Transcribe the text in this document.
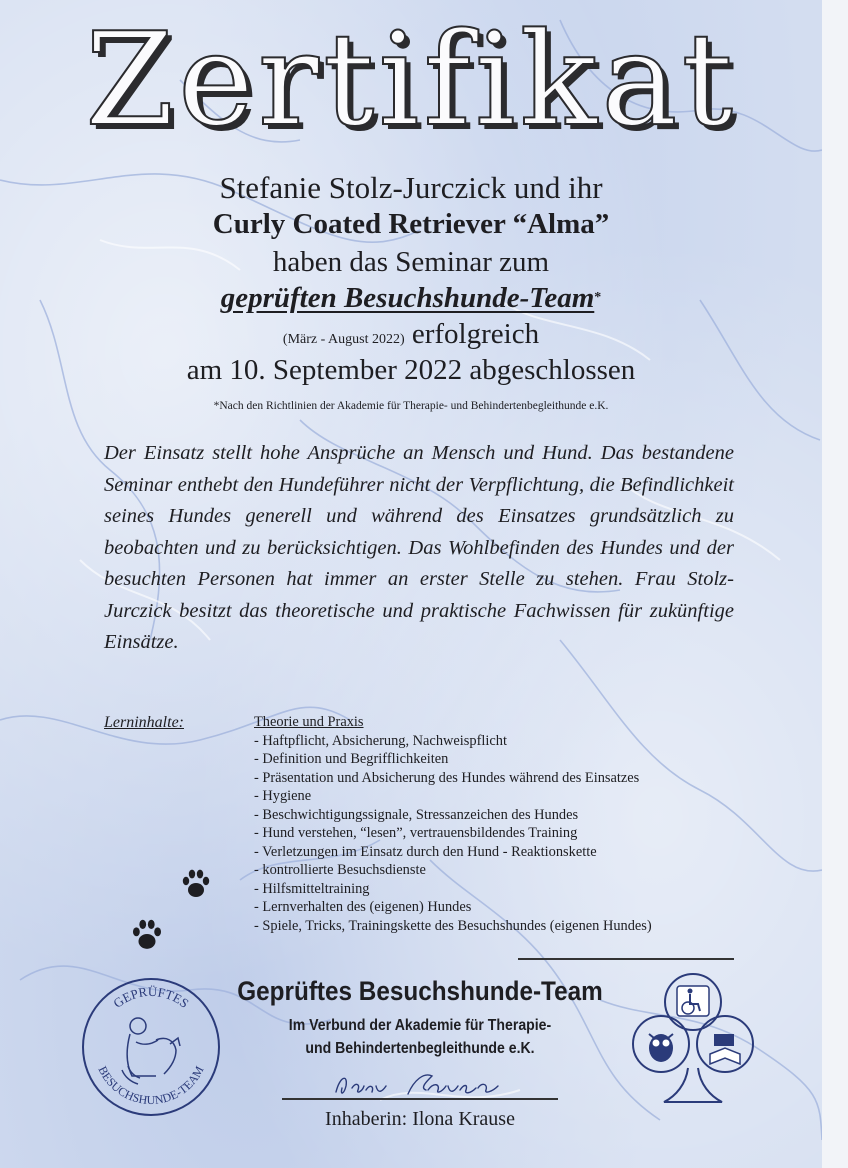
Zertifikat
Stefanie Stolz-Jurczick und ihr
Curly Coated Retriever “Alma”
haben das Seminar zum
geprüften Besuchshunde-Team*
(März - August 2022) erfolgreich
am 10. September 2022 abgeschlossen
*Nach den Richtlinien der Akademie für Therapie- und Behindertenbegleithunde e.K.
Der Einsatz stellt hohe Ansprüche an Mensch und Hund. Das bestandene Seminar enthebt den Hundeführer nicht der Verpflichtung, die Befindlichkeit seines Hundes generell und während des Einsatzes grundsätzlich zu beobachten und zu berücksichtigen. Das Wohlbefinden des Hundes und der besuchten Personen hat immer an erster Stelle zu stehen. Frau Stolz-Jurczick besitzt das theoretische und praktische Fachwissen für zukünftige Einsätze.
Lerninhalte:	Theorie und Praxis
- Haftpflicht, Absicherung, Nachweispflicht
- Definition und Begrifflichkeiten
- Präsentation und Absicherung des Hundes während des Einsatzes
- Hygiene
- Beschwichtigungssignale, Stressanzeichen des Hundes
- Hund verstehen, “lesen”, vertrauensbildendes Training
- Verletzungen im Einsatz durch den Hund - Reaktionskette
- kontrollierte Besuchsdienste
- Hilfsmitteltraining
- Lernverhalten des (eigenen) Hundes
- Spiele, Tricks, Trainingskette des Besuchshundes (eigenen Hundes)
GEPRÜFTES
BESUCHSHUNDE-TEAM
Geprüftes Besuchshunde-Team
Im Verbund der Akademie für Therapie-
und Behindertenbegleithunde e.K.
Inhaberin: Ilona Krause
